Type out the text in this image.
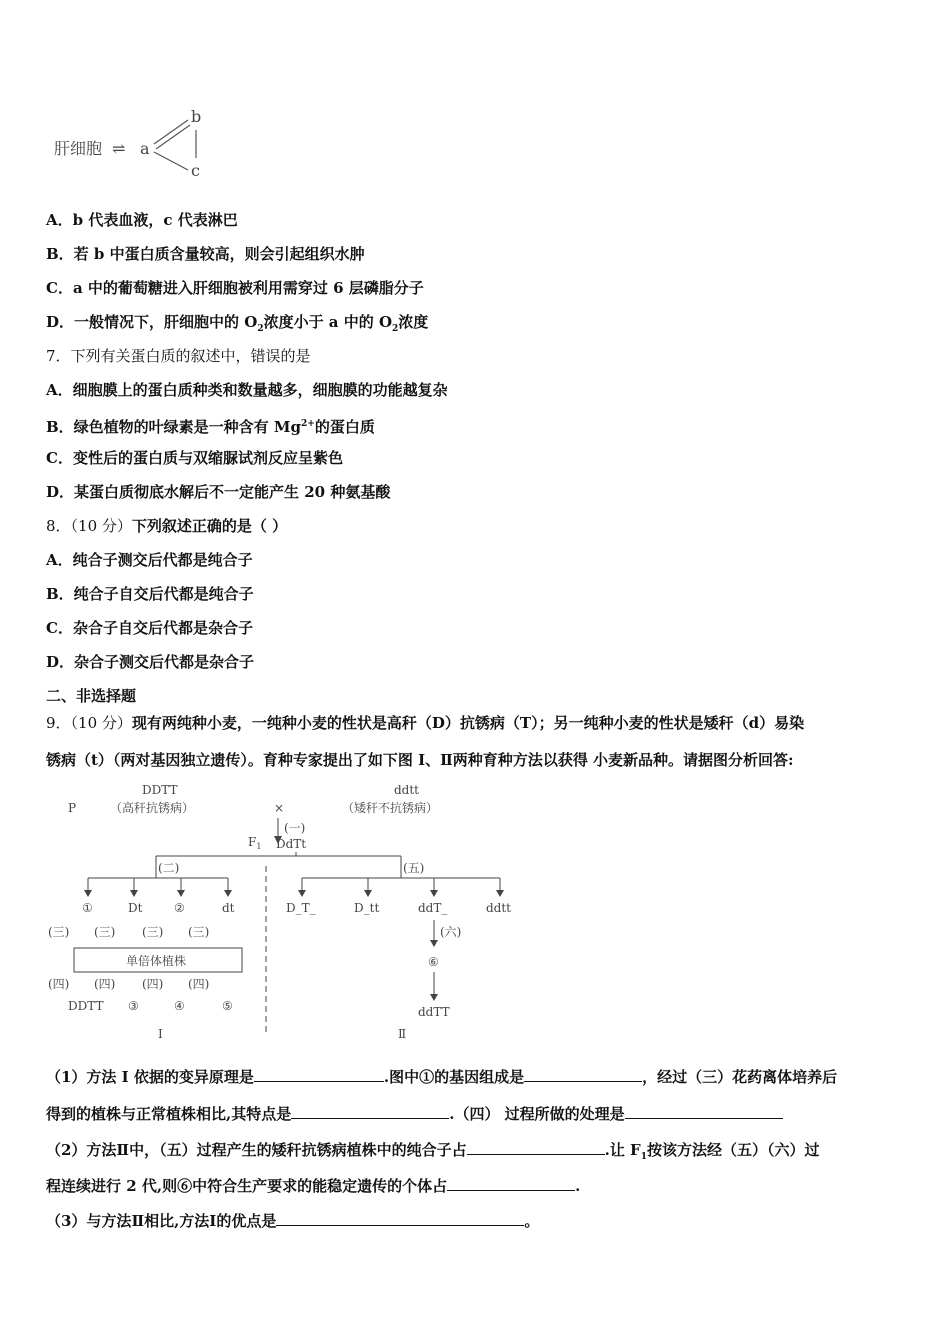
肝细胞 ⇌ a
b
c
A．b 代表血液，c 代表淋巴
B．若 b 中蛋白质含量较高，则会引起组织水肿
C．a 中的葡萄糖进入肝细胞被利用需穿过 6 层磷脂分子
D．一般情况下，肝细胞中的 $O_2$浓度小于 a 中的 $O_2$浓度
7．下列有关蛋白质的叙述中，错误的是
A．细胞膜上的蛋白质种类和数量越多，细胞膜的功能越复杂
B．绿色植物的叶绿素是一种含有 $Mg^{2+}$的蛋白质
C．变性后的蛋白质与双缩脲试剂反应呈紫色
D．某蛋白质彻底水解后不一定能产生 20 种氨基酸
8．（10 分）下列叙述正确的是（ ）
A．纯合子测交后代都是纯合子
B．纯合子自交后代都是纯合子
C．杂合子自交后代都是杂合子
D．杂合子测交后代都是杂合子
二、非选择题
9．（10 分）现有两纯种小麦，一纯种小麦的性状是高秆（D）抗锈病（T）；另一纯种小麦的性状是矮秆（d）易染
锈病（t）（两对基因独立遗传）。育种专家提出了如下图 I、Ⅱ两种育种方法以获得 小麦新品种。请据图分析回答:
P
DDTT
（高秆抗锈病）	×
ddtt
（矮秆不抗锈病）
(一)
$F_1$ DdTt
(二)	(五)
①	Dt	②	dt
(三) (三) (三) (三)
单倍体植株
(四) (四) (四) (四)
DDTT ③	④	⑤
I
D_T_	D_tt	ddT_	ddtt
(六)
⑥
ddTT
Ⅱ
（1）方法 I 依据的变异原理是	.图中①的基因组成是	，经过（三）花药离体培养后
得到的植株与正常植株相比,其特点是	.（四） 过程所做的处理是
（2）方法Ⅱ中，（五）过程产生的矮秆抗锈病植株中的纯合子占	.让 $F_1$按该方法经（五）（六）过
程连续进行 2 代,则⑥中符合生产要求的能稳定遗传的个体占	.
（3）与方法Ⅱ相比,方法Ⅰ的优点是	。
